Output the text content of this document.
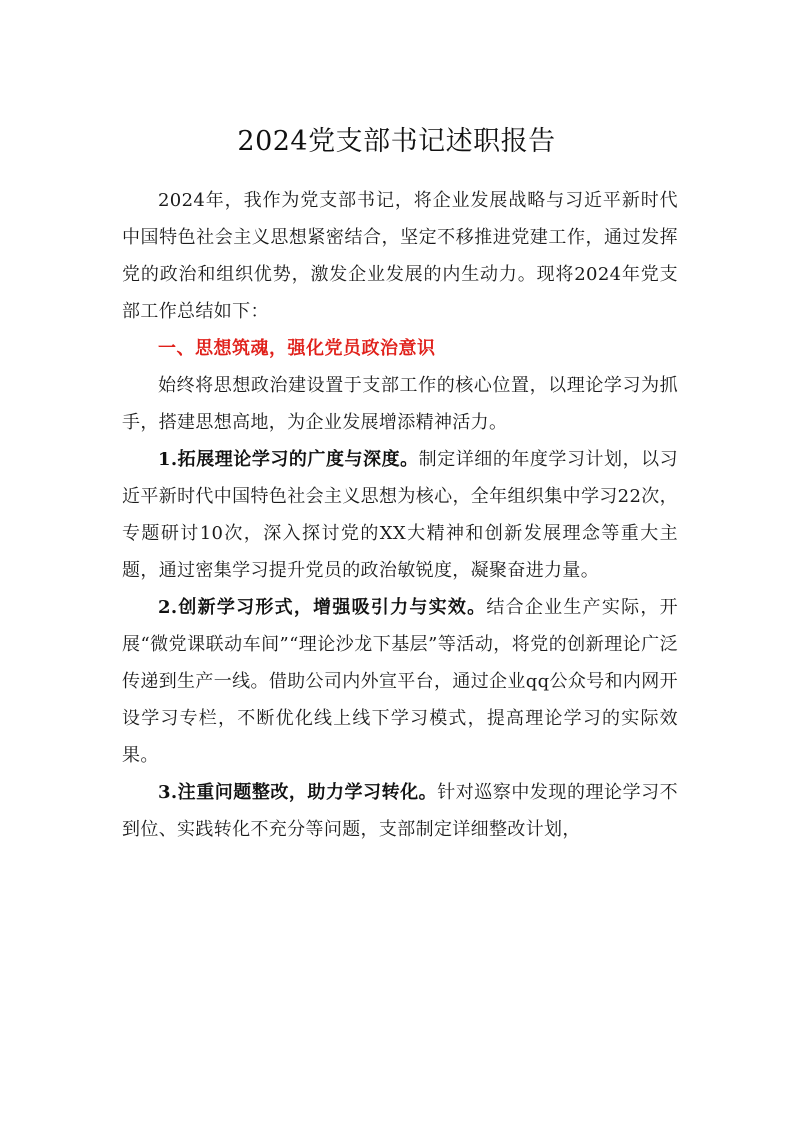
2024党支部书记述职报告

2024年，我作为党支部书记，将企业发展战略与习近平新时代中国特色社会主义思想紧密结合，坚定不移推进党建工作，通过发挥党的政治和组织优势，激发企业发展的内生动力。现将2024年党支部工作总结如下：

一、思想筑魂，强化党员政治意识

始终将思想政治建设置于支部工作的核心位置，以理论学习为抓手，搭建思想高地，为企业发展增添精神活力。

1.拓展理论学习的广度与深度。制定详细的年度学习计划，以习近平新时代中国特色社会主义思想为核心，全年组织集中学习22次，专题研讨10次，深入探讨党的XX大精神和创新发展理念等重大主题，通过密集学习提升党员的政治敏锐度，凝聚奋进力量。

2.创新学习形式，增强吸引力与实效。结合企业生产实际，开展“微党课联动车间”“理论沙龙下基层”等活动，将党的创新理论广泛传递到生产一线。借助公司内外宣平台，通过企业qq公众号和内网开设学习专栏，不断优化线上线下学习模式，提高理论学习的实际效果。

3.注重问题整改，助力学习转化。针对巡察中发现的理论学习不到位、实践转化不充分等问题，支部制定详细整改计划，
